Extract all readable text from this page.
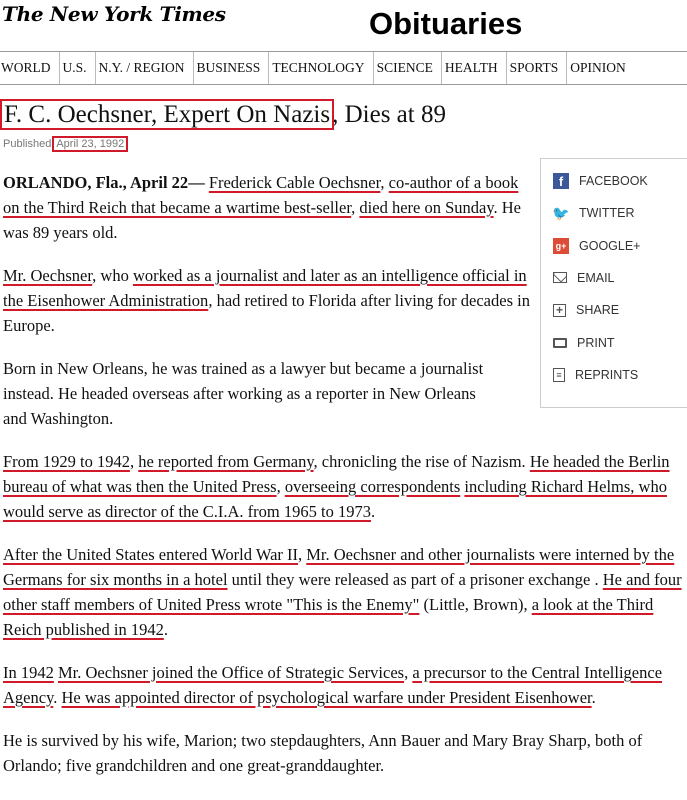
The New York Times	Obituaries
WORLD U.S. N.Y. / REGION BUSINESS TECHNOLOGY SCIENCE HEALTH SPORTS OPINION
F. C. Oechsner, Expert On Nazis, Dies at 89
Published April 23, 1992

ORLANDO, Fla., April 22— Frederick Cable Oechsner, co-author of a book on the Third Reich that became a wartime best-seller, died here on Sunday. He was 89 years old.

Mr. Oechsner, who worked as a journalist and later as an intelligence official in the Eisenhower Administration, had retired to Florida after living for decades in Europe.

Born in New Orleans, he was trained as a lawyer but became a journalist instead. He headed overseas after working as a reporter in New Orleans and Washington.

From 1929 to 1942, he reported from Germany, chronicling the rise of Nazism. He headed the Berlin bureau of what was then the United Press, overseeing correspondents including Richard Helms, who would serve as director of the C.I.A. from 1965 to 1973.

After the United States entered World War II, Mr. Oechsner and other journalists were interned by the Germans for six months in a hotel until they were released as part of a prisoner exchange . He and four other staff members of United Press wrote "This is the Enemy" (Little, Brown), a look at the Third Reich published in 1942.

In 1942 Mr. Oechsner joined the Office of Strategic Services, a precursor to the Central Intelligence Agency. He was appointed director of psychological warfare under President Eisenhower.

He is survived by his wife, Marion; two stepdaughters, Ann Bauer and Mary Bray Sharp, both of Orlando; five grandchildren and one great-granddaughter.

f	FACEBOOK
🐦 TWITTER
g+ GOOGLE+
EMAIL
+ SHARE
PRINT
≡ REPRINTS
